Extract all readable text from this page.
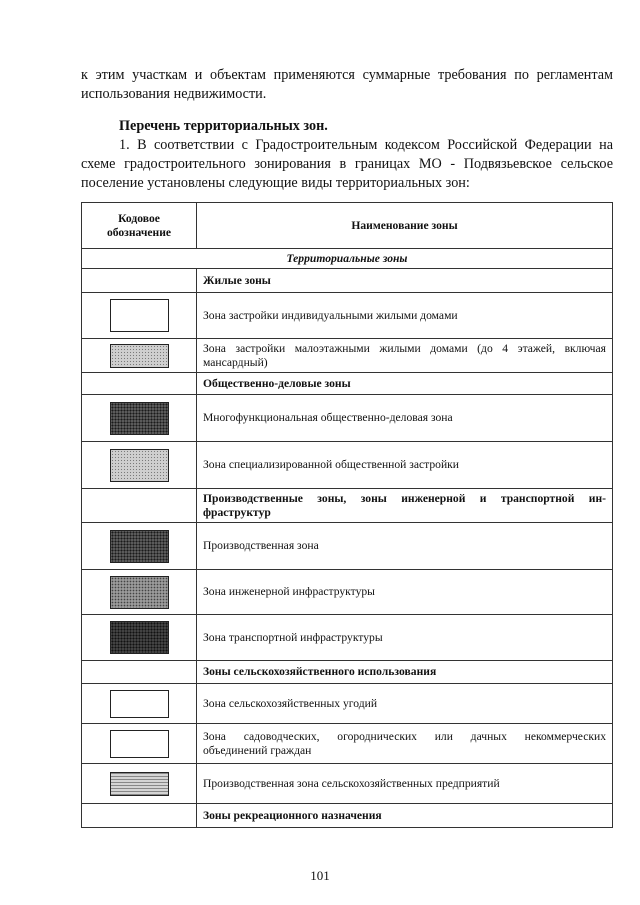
к этим участкам и объектам применяются суммарные требования по регламентам использования недвижимости.
Перечень территориальных зон.
1. В соответствии с Градостроительным кодексом Российской Федерации на схеме градостроительного зонирования в границах МО - Подвязьевское сельское поселение установлены следующие виды территориальных зон:
Кодовое обозначение	Наименование зоны
Территориальные зоны	
	Жилые зоны
	Зона застройки индивидуальными жилыми домами
	Зона застройки малоэтажными жилыми домами (до 4 этажей, включая
мансардный)

	Общественно-деловые зоны
	Многофункциональная общественно-деловая зона
	Зона специализированной общественной застройки
	Производственные зоны, зоны инженерной и транспортной ин-
фраструктур

	Производственная зона
	Зона инженерной инфраструктуры
	Зона транспортной инфраструктуры
	Зоны сельскохозяйственного использования
	Зона сельскохозяйственных угодий
	Зона садоводческих, огороднических или дачных некоммерческих
объединений граждан

	Производственная зона сельскохозяйственных предприятий
	Зоны рекреационного назначения
101
